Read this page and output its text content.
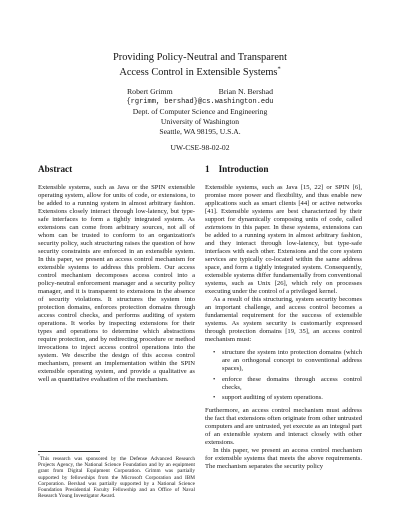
Providing Policy-Neutral and Transparent
Access Control in Extensible Systems*
Robert Grimm	Brian N. Bershad
{rgrimm, bershad}@cs.washington.edu
Dept. of Computer Science and Engineering
University of Washington
Seattle, WA 98195, U.S.A.
UW-CSE-98-02-02
Abstract

Extensible systems, such as Java or the SPIN extensible operating system, allow for units of code, or extensions, to be added to a running system in almost arbitrary fashion. Extensions closely interact through low-latency, but type-safe interfaces to form a tightly integrated system. As extensions can come from arbitrary sources, not all of whom can be trusted to conform to an organization's security policy, such structuring raises the question of how security constraints are enforced in an extensible system. In this paper, we present an access control mechanism for extensible systems to address this problem. Our access control mechanism decomposes access control into a policy-neutral enforcement manager and a security policy manager, and it is transparent to extensions in the absence of security violations. It structures the system into protection domains, enforces protection domains through access control checks, and performs auditing of system operations. It works by inspecting extensions for their types and operations to determine which abstractions require protection, and by redirecting procedure or method invocations to inject access control operations into the system. We describe the design of this access control mechanism, present an implementation within the SPIN extensible operating system, and provide a qualitative as well as quantitative evaluation of the mechanism.

1 Introduction

Extensible systems, such as Java [15, 22] or SPIN [6], promise more power and flexibility, and thus enable new applications such as smart clients [44] or active networks [41]. Extensible systems are best characterized by their support for dynamically composing units of code, called extensions in this paper. In these systems, extensions can be added to a running system in almost arbitrary fashion, and they interact through low-latency, but type-safe interfaces with each other. Extensions and the core system services are typically co-located within the same address space, and form a tightly integrated system. Consequently, extensible systems differ fundamentally from conventional systems, such as Unix [26], which rely on processes executing under the control of a privileged kernel.

As a result of this structuring, system security becomes an important challenge, and access control becomes a fundamental requirement for the success of extensible systems. As system security is customarily expressed through protection domains [19, 35], an access control mechanism must:

• structure the system into protection domains (which are an orthogonal concept to conventional address spaces),
• enforce these domains through access control checks,
• support auditing of system operations.

Furthermore, an access control mechanism must address the fact that extensions often originate from other untrusted computers and are untrusted, yet execute as an integral part of an extensible system and interact closely with other extensions.

In this paper, we present an access control mechanism for extensible systems that meets the above requirements. The mechanism separates the security policy

*This research was sponsored by the Defense Advanced Research Projects Agency, the National Science Foundation and by an equipment grant from Digital Equipment Corporation. Grimm was partially supported by fellowships from the Microsoft Corporation and IBM Corporation. Bershad was partially supported by a National Science Foundation Presidential Faculty Fellowship and an Office of Naval Research Young Investigator Award.
